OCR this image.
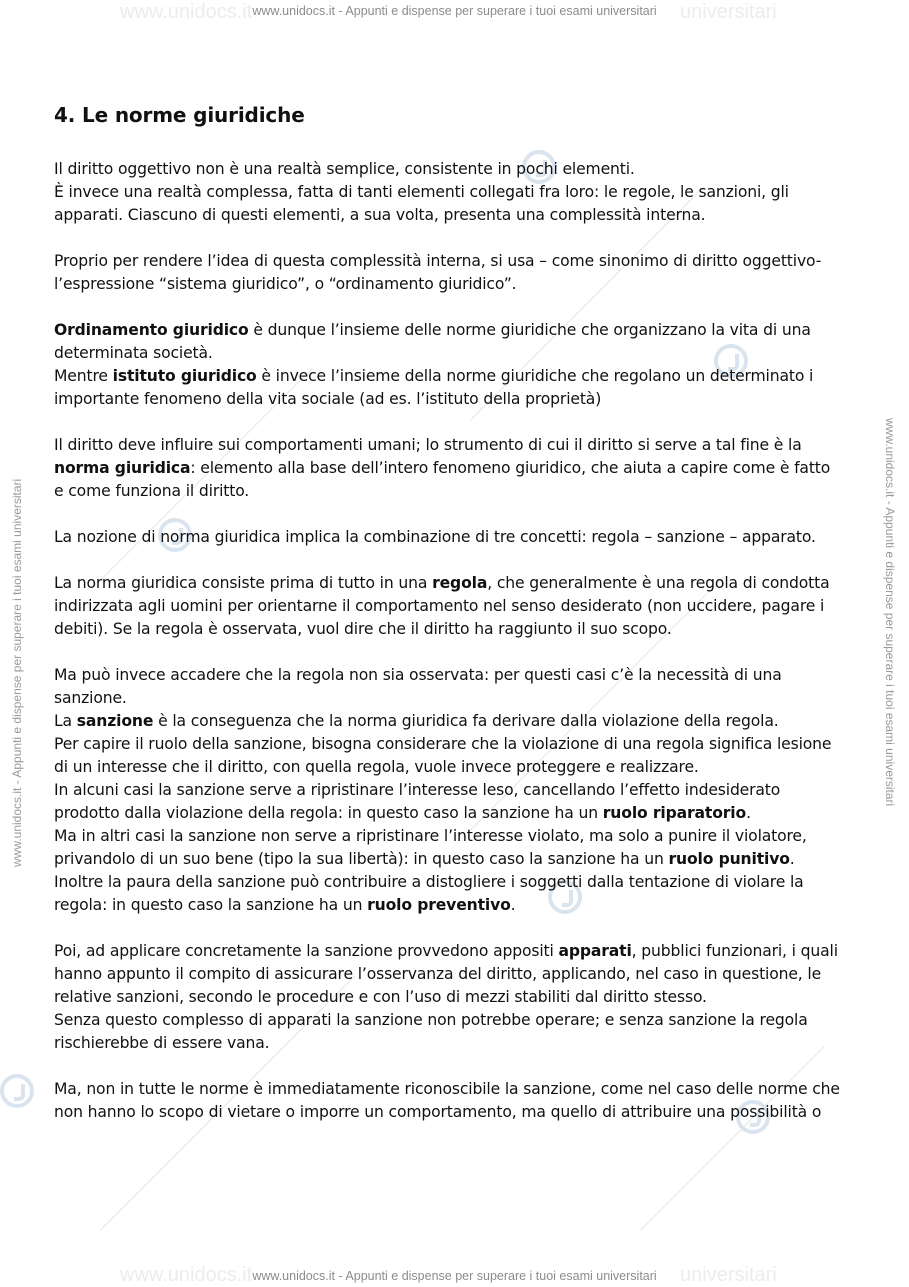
www.unidocs.it	universitari
www.unidocs.it - Appunti e dispense per superare i tuoi esami universitari
www.unidocs.it	universitari
www.unidocs.it - Appunti e dispense per superare i tuoi esami universitari
www.unidocs.it - Appunti e dispense per superare i tuoi esami universitari	www.unidocs.it - Appunti e dispense per superare i tuoi esami universitari
4. Le norme giuridiche

Il diritto oggettivo non è una realtà semplice, consistente in pochi elementi.
È invece una realtà complessa, fatta di tanti elementi collegati fra loro: le regole, le sanzioni, gli
apparati. Ciascuno di questi elementi, a sua volta, presenta una complessità interna.

Proprio per rendere l’idea di questa complessità interna, si usa – come sinonimo di diritto oggettivo-
l’espressione “sistema giuridico”, o “ordinamento giuridico”.

Ordinamento giuridico è dunque l’insieme delle norme giuridiche che organizzano la vita di una
determinata società.
Mentre istituto giuridico è invece l’insieme della norme giuridiche che regolano un determinato i
importante fenomeno della vita sociale (ad es. l’istituto della proprietà)

Il diritto deve influire sui comportamenti umani; lo strumento di cui il diritto si serve a tal fine è la
norma giuridica: elemento alla base dell’intero fenomeno giuridico, che aiuta a capire come è fatto
e come funziona il diritto.

La nozione di norma giuridica implica la combinazione di tre concetti: regola – sanzione – apparato.

La norma giuridica consiste prima di tutto in una regola, che generalmente è una regola di condotta
indirizzata agli uomini per orientarne il comportamento nel senso desiderato (non uccidere, pagare i
debiti). Se la regola è osservata, vuol dire che il diritto ha raggiunto il suo scopo.

Ma può invece accadere che la regola non sia osservata: per questi casi c’è la necessità di una
sanzione.
La sanzione è la conseguenza che la norma giuridica fa derivare dalla violazione della regola.
Per capire il ruolo della sanzione, bisogna considerare che la violazione di una regola significa lesione
di un interesse che il diritto, con quella regola, vuole invece proteggere e realizzare.
In alcuni casi la sanzione serve a ripristinare l’interesse leso, cancellando l’effetto indesiderato
prodotto dalla violazione della regola: in questo caso la sanzione ha un ruolo riparatorio.
Ma in altri casi la sanzione non serve a ripristinare l’interesse violato, ma solo a punire il violatore,
privandolo di un suo bene (tipo la sua libertà): in questo caso la sanzione ha un ruolo punitivo.
Inoltre la paura della sanzione può contribuire a distogliere i soggetti dalla tentazione di violare la
regola: in questo caso la sanzione ha un ruolo preventivo.

Poi, ad applicare concretamente la sanzione provvedono appositi apparati, pubblici funzionari, i quali
hanno appunto il compito di assicurare l’osservanza del diritto, applicando, nel caso in questione, le
relative sanzioni, secondo le procedure e con l’uso di mezzi stabiliti dal diritto stesso.
Senza questo complesso di apparati la sanzione non potrebbe operare; e senza sanzione la regola
rischierebbe di essere vana.

Ma, non in tutte le norme è immediatamente riconoscibile la sanzione, come nel caso delle norme che
non hanno lo scopo di vietare o imporre un comportamento, ma quello di attribuire una possibilità o
